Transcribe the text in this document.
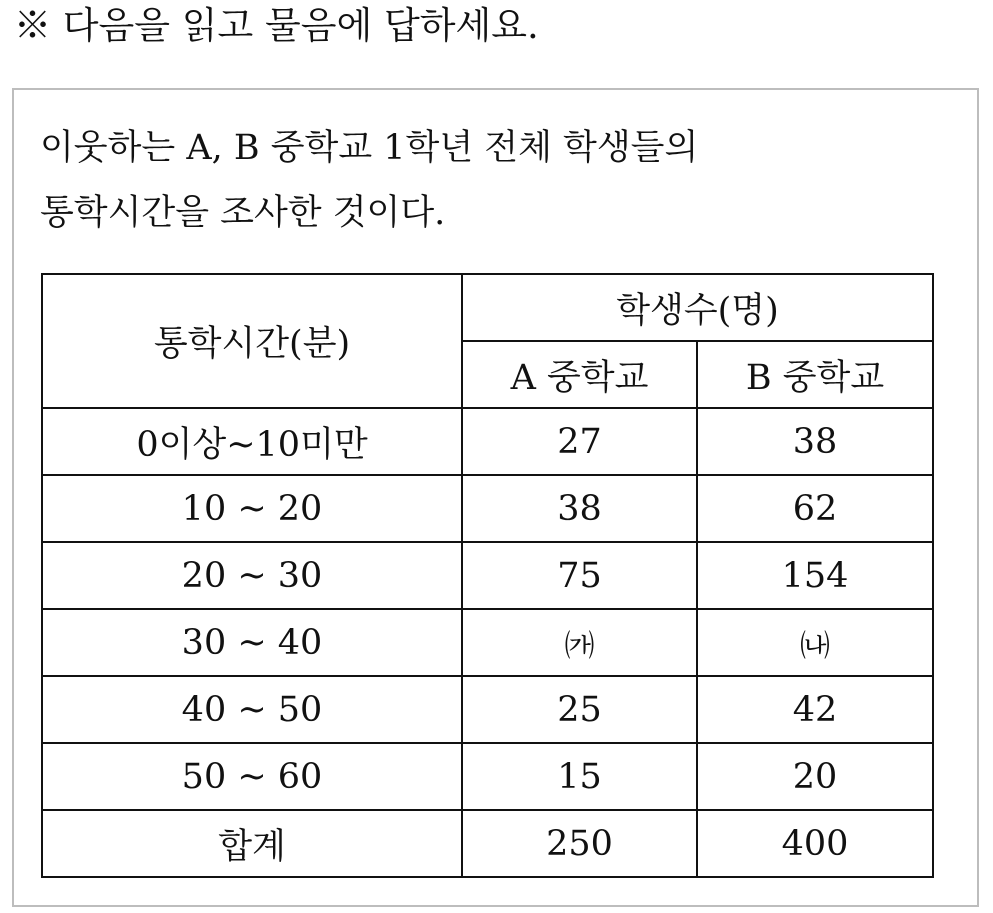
※ 다음을 읽고 물음에 답하세요.
이웃하는 A, B 중학교 1학년 전체 학생들의
통학시간을 조사한 것이다.
통학시간(분)	학생수(명)	
	A 중학교	B 중학교
0이상~10미만	27	38
10 ~ 20	38	62
20 ~ 30	75	154
30 ~ 40	㈎	㈏
40 ~ 50	25	42
50 ~ 60	15	20
합계	250	400
